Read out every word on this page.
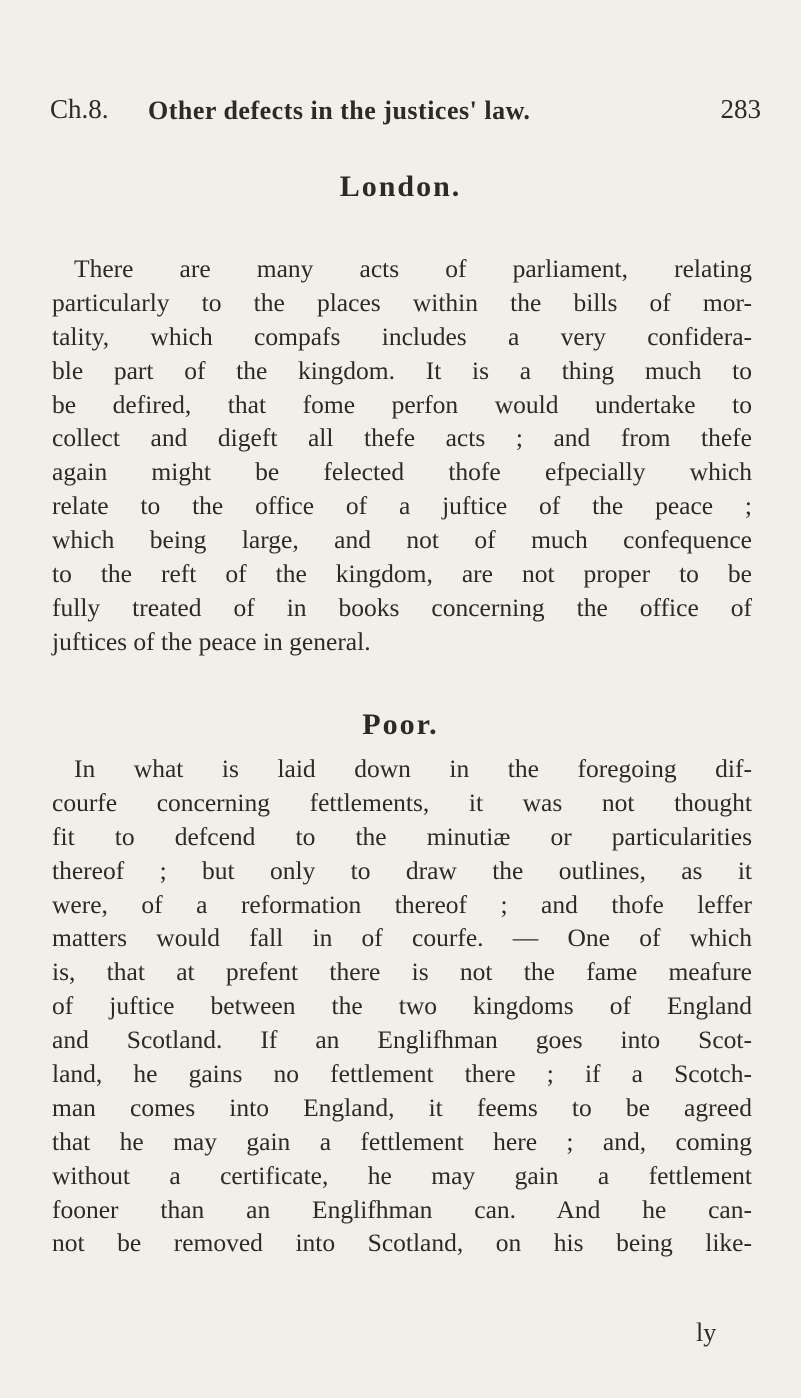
Ch.8. Other defects in the justices' law.	283
London.
There are many acts of parliament, relating
particularly to the places within the bills of mor-
tality, which compafs includes a very confidera-
ble part of the kingdom. It is a thing much to
be defired, that fome perfon would undertake to
collect and digeft all thefe acts ; and from thefe
again might be felected thofe efpecially which
relate to the office of a juftice of the peace ;
which being large, and not of much confequence
to the reft of the kingdom, are not proper to be
fully treated of in books concerning the office of
juftices of the peace in general.
Poor.
In what is laid down in the foregoing dif-
courfe concerning fettlements, it was not thought
fit to defcend to the minutiæ or particularities
thereof ; but only to draw the outlines, as it
were, of a reformation thereof ; and thofe leffer
matters would fall in of courfe. — One of which
is, that at prefent there is not the fame meafure
of juftice between the two kingdoms of England
and Scotland. If an Englifhman goes into Scot-
land, he gains no fettlement there ; if a Scotch-
man comes into England, it feems to be agreed
that he may gain a fettlement here ; and, coming
without a certificate, he may gain a fettlement
fooner than an Englifhman can. And he can-
not be removed into Scotland, on his being like-
ly
